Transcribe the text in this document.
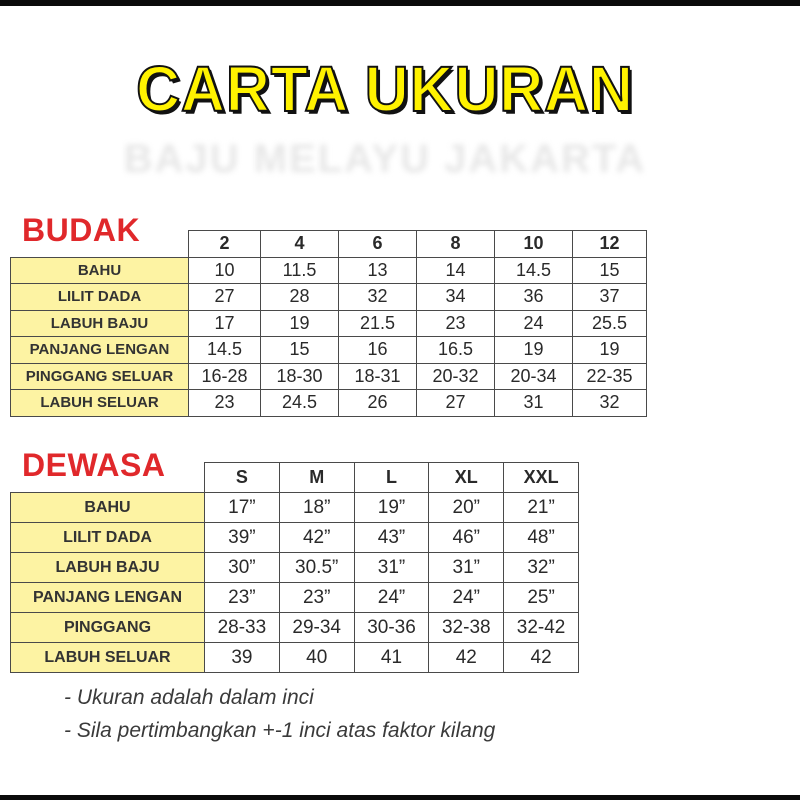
CARTA UKURAN
BAJU MELAYU JAKARTA
BUDAK
		2	4	6	8	10	12
BAHU	10	11.5	13	14	14.5	15
LILIT DADA	27	28	32	34	36	37
LABUH BAJU	17	19	21.5	23	24	25.5
PANJANG LENGAN	14.5	15	16	16.5	19	19
PINGGANG SELUAR	16-28	18-30	18-31	20-32	20-34	22-35
LABUH SELUAR	23	24.5	26	27	31	32
DEWASA
		S	M	L	XL	XXL
BAHU	17”	18”	19”	20”	21”
LILIT DADA	39”	42”	43”	46”	48”
LABUH BAJU	30”	30.5”	31”	31”	32”
PANJANG LENGAN	23”	23”	24”	24”	25”
PINGGANG	28-33	29-34	30-36	32-38	32-42
LABUH SELUAR	39	40	41	42	42
- Ukuran adalah dalam inci
- Sila pertimbangkan +-1 inci atas faktor kilang
